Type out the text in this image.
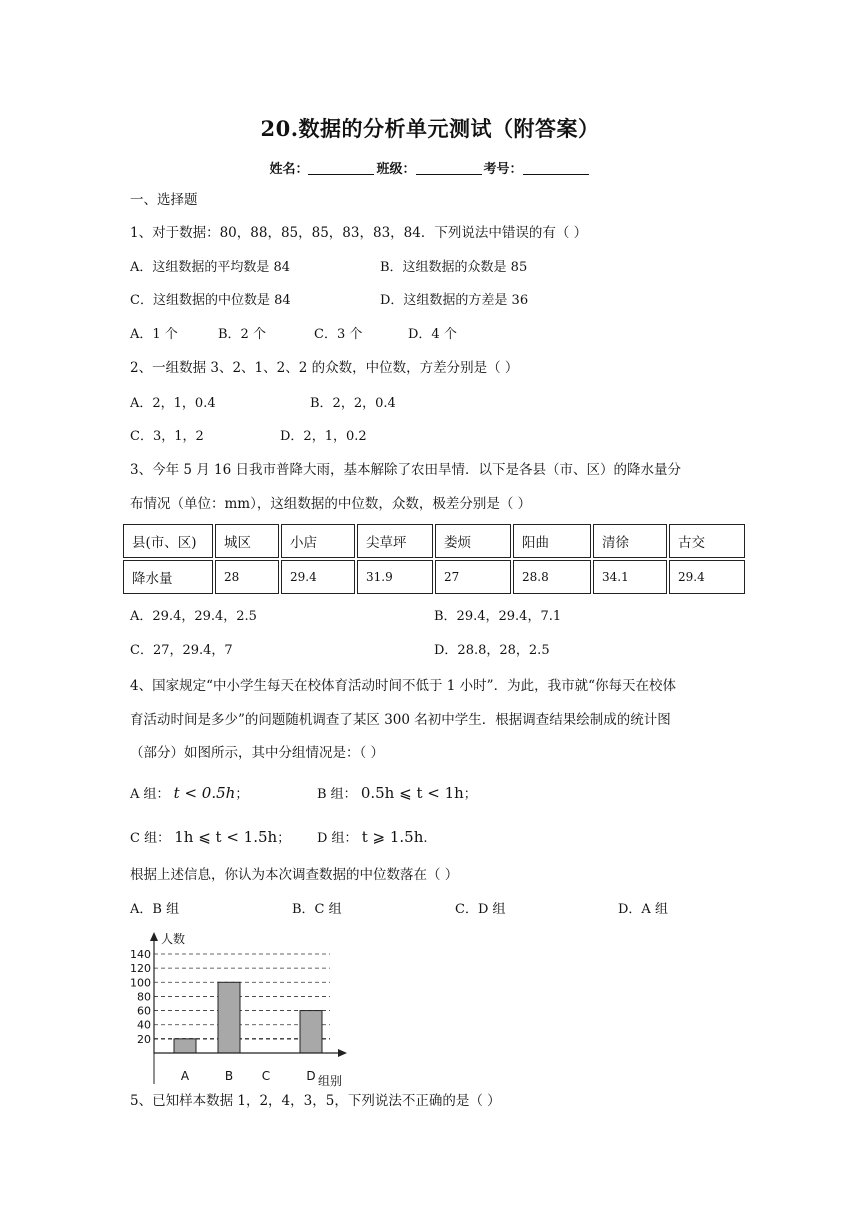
20.数据的分析单元测试（附答案）
姓名：	班级：	考号：
一、选择题
1、对于数据：80，88，85，85，83，83，84．下列说法中错误的有（ ）
A．这组数据的平均数是 84	B．这组数据的众数是 85
C．这组数据的中位数是 84	D．这组数据的方差是 36
A．1 个	B．2 个	C．3 个	D．4 个
2、一组数据 3、2、1、2、2 的众数，中位数，方差分别是（ ）
A．2，1，0.4	B．2，2，0.4
C．3，1，2	D．2，1，0.2
3、今年 5 月 16 日我市普降大雨，基本解除了农田旱情．以下是各县（市、区）的降水量分
布情况（单位：mm），这组数据的中位数，众数，极差分别是（ ）
县(市、区)	城区	小店	尖草坪	娄烦	阳曲	清徐	古交
降水量	28	29.4	31.9	27	28.8	34.1	29.4
A．29.4，29.4，2.5	B．29.4，29.4，7.1
C．27，29.4，7	D．28.8，28，2.5
4、国家规定“中小学生每天在校体育活动时间不低于 1 小时”．为此，我市就“你每天在校体
育活动时间是多少”的问题随机调查了某区 300 名初中学生．根据调查结果绘制成的统计图
（部分）如图所示，其中分组情况是：（ ）
A 组： t < 0.5h；	B 组： 0.5h ⩽ t < 1h；
C 组： 1h ⩽ t < 1.5h； D 组： t ⩾ 1.5h.
根据上述信息，你认为本次调查数据的中位数落在（ ）
A．B 组	B．C 组	C．D 组	D．A 组
人数
组别
20
40
60
80
100
120
140
A	B C	D
5、已知样本数据 1，2，4，3，5，下列说法不正确的是（ ）
